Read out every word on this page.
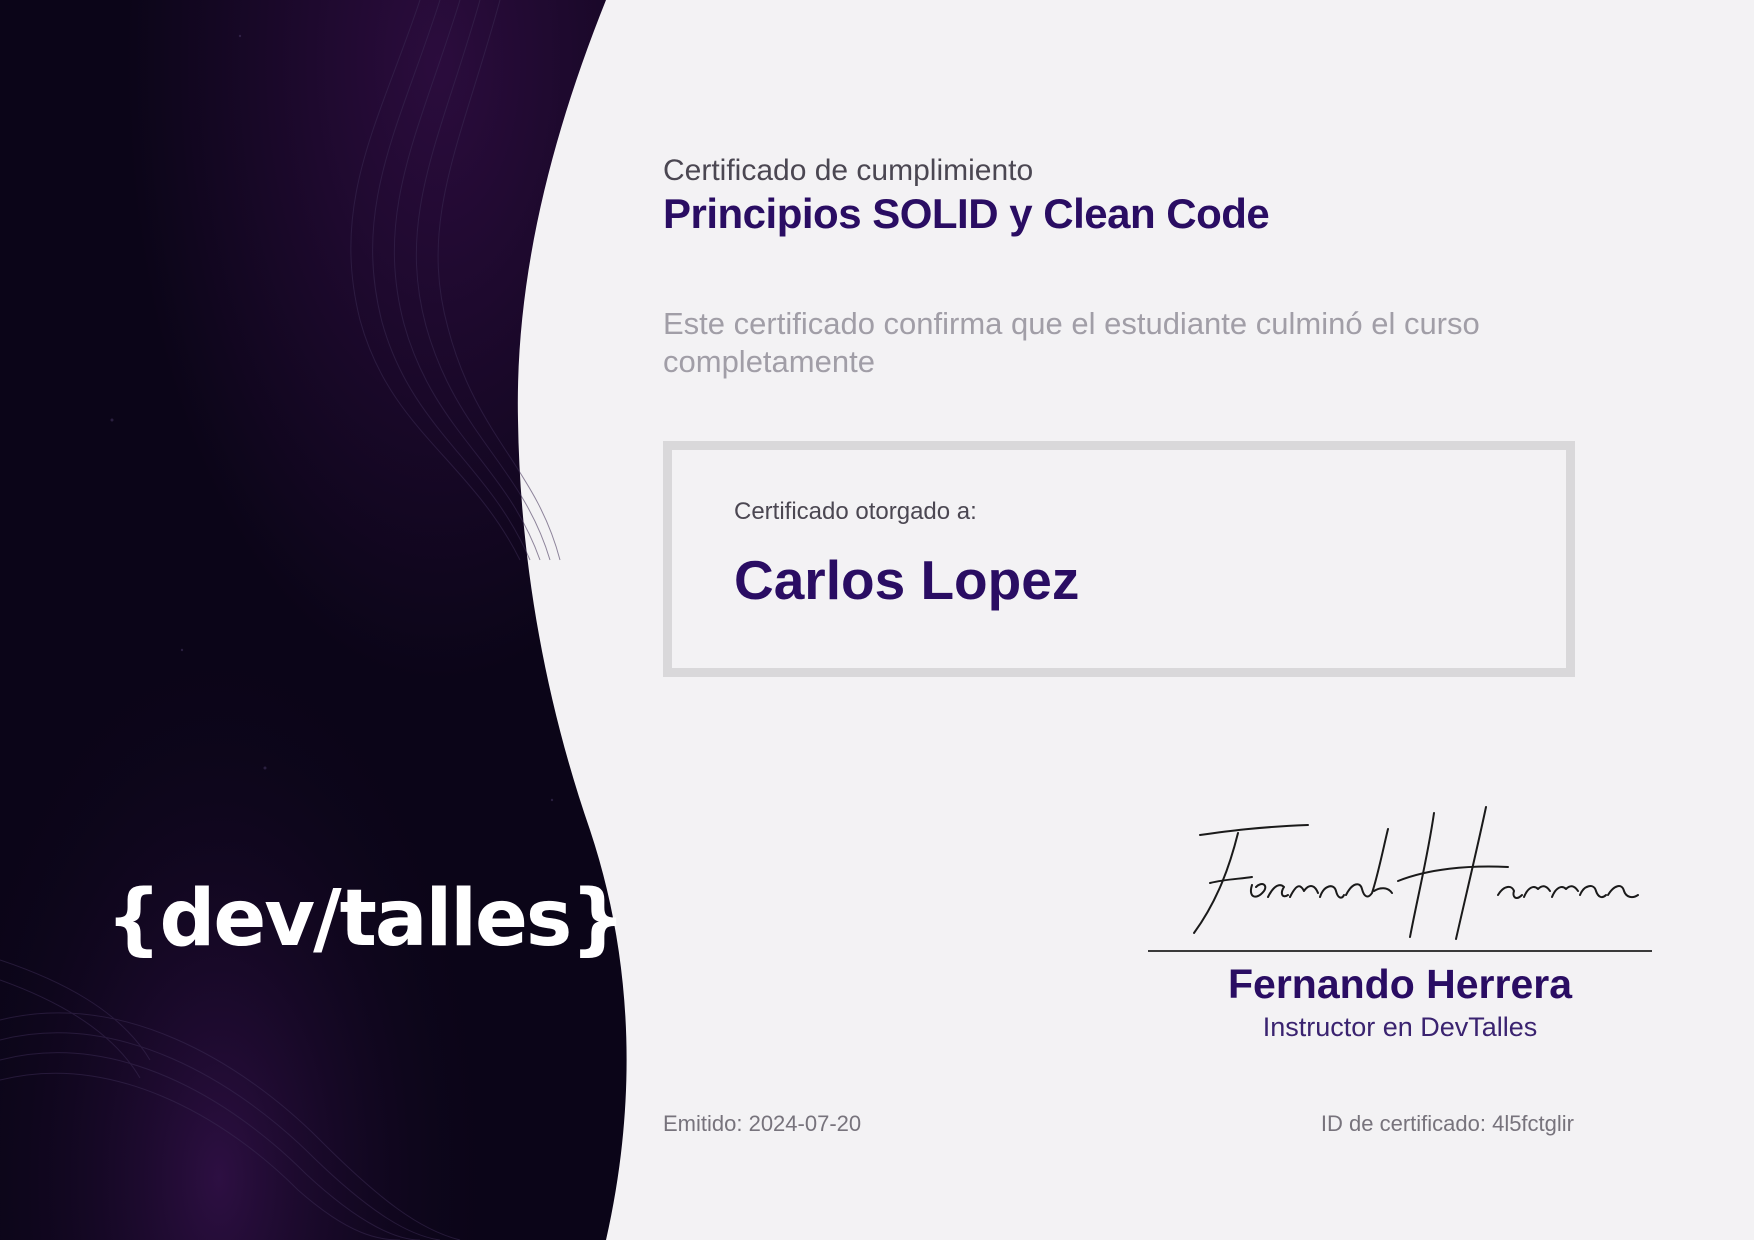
{dev/talles}
Certificado de cumplimiento
Principios SOLID y Clean Code
Este certificado confirma que el estudiante culminó el curso completamente
Certificado otorgado a:
Carlos Lopez
Fernando Herrera
Instructor en DevTalles
Emitido: 2024-07-20	ID de certificado: 4l5fctglir
